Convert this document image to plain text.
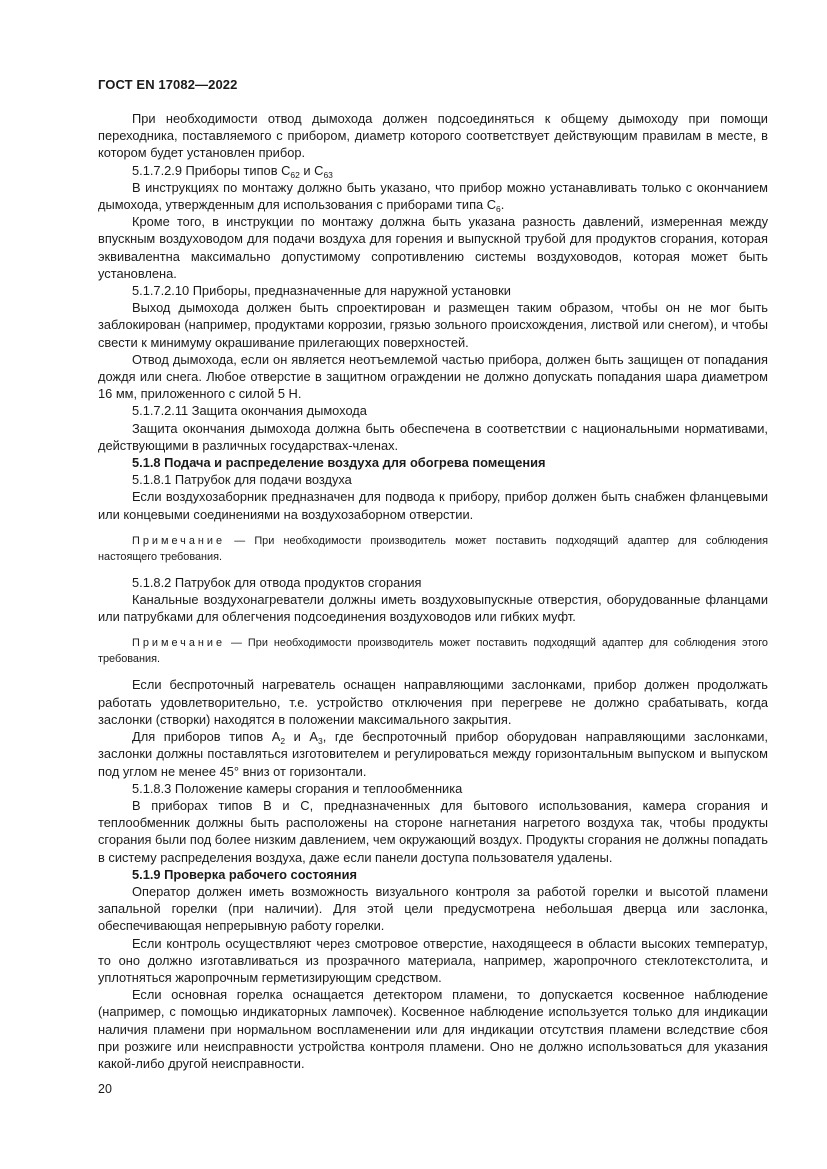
ГОСТ EN 17082—2022

При необходимости отвод дымохода должен подсоединяться к общему дымоходу при помощи переходника, поставляемого с прибором, диаметр которого соответствует действующим правилам в месте, в котором будет установлен прибор.

5.1.7.2.9 Приборы типов $С_{62}$ и $С_{63}$

В инструкциях по монтажу должно быть указано, что прибор можно устанавливать только с окончанием дымохода, утвержденным для использования с приборами типа $С_6$.

Кроме того, в инструкции по монтажу должна быть указана разность давлений, измеренная между впускным воздуховодом для подачи воздуха для горения и выпускной трубой для продуктов сгорания, которая эквивалентна максимально допустимому сопротивлению системы воздуховодов, которая может быть установлена.

5.1.7.2.10 Приборы, предназначенные для наружной установки

Выход дымохода должен быть спроектирован и размещен таким образом, чтобы он не мог быть заблокирован (например, продуктами коррозии, грязью зольного происхождения, листвой или снегом), и чтобы свести к минимуму окрашивание прилегающих поверхностей.

Отвод дымохода, если он является неотъемлемой частью прибора, должен быть защищен от попадания дождя или снега. Любое отверстие в защитном ограждении не должно допускать попадания шара диаметром 16 мм, приложенного с силой 5 Н.

5.1.7.2.11 Защита окончания дымохода

Защита окончания дымохода должна быть обеспечена в соответствии с национальными нормативами, действующими в различных государствах-членах.

5.1.8 Подача и распределение воздуха для обогрева помещения

5.1.8.1 Патрубок для подачи воздуха

Если воздухозаборник предназначен для подвода к прибору, прибор должен быть снабжен фланцевыми или концевыми соединениями на воздухозаборном отверстии.

Примечание — При необходимости производитель может поставить подходящий адаптер для соблюдения настоящего требования.

5.1.8.2 Патрубок для отвода продуктов сгорания

Канальные воздухонагреватели должны иметь воздуховыпускные отверстия, оборудованные фланцами или патрубками для облегчения подсоединения воздуховодов или гибких муфт.

Примечание — При необходимости производитель может поставить подходящий адаптер для соблюдения этого требования.

Если беспроточный нагреватель оснащен направляющими заслонками, прибор должен продолжать работать удовлетворительно, т.е. устройство отключения при перегреве не должно срабатывать, когда заслонки (створки) находятся в положении максимального закрытия.

Для приборов типов $А_2$ и $А_3$, где беспроточный прибор оборудован направляющими заслонками, заслонки должны поставляться изготовителем и регулироваться между горизонтальным выпуском и выпуском под углом не менее 45° вниз от горизонтали.

5.1.8.3 Положение камеры сгорания и теплообменника

В приборах типов В и С, предназначенных для бытового использования, камера сгорания и теплообменник должны быть расположены на стороне нагнетания нагретого воздуха так, чтобы продукты сгорания были под более низким давлением, чем окружающий воздух. Продукты сгорания не должны попадать в систему распределения воздуха, даже если панели доступа пользователя удалены.

5.1.9 Проверка рабочего состояния

Оператор должен иметь возможность визуального контроля за работой горелки и высотой пламени запальной горелки (при наличии). Для этой цели предусмотрена небольшая дверца или заслонка, обеспечивающая непрерывную работу горелки.

Если контроль осуществляют через смотровое отверстие, находящееся в области высоких температур, то оно должно изготавливаться из прозрачного материала, например, жаропрочного стеклотекстолита, и уплотняться жаропрочным герметизирующим средством.

Если основная горелка оснащается детектором пламени, то допускается косвенное наблюдение (например, с помощью индикаторных лампочек). Косвенное наблюдение используется только для индикации наличия пламени при нормальном воспламенении или для индикации отсутствия пламени вследствие сбоя при розжиге или неисправности устройства контроля пламени. Оно не должно использоваться для указания какой-либо другой неисправности.

20
